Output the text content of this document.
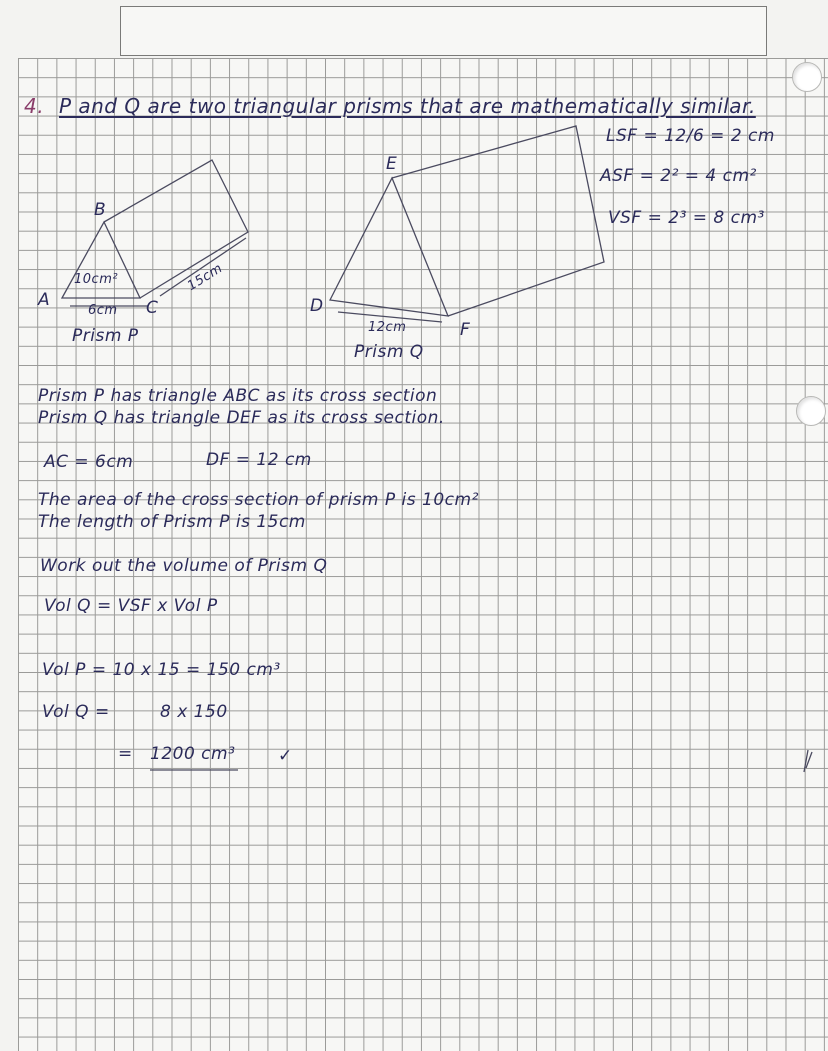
4. P and Q are two triangular prisms that are mathematically similar.
LSF = 12/6 = 2 cm
ASF = 2² = 4 cm²
VSF = 2³ = 8 cm³
A
B
C
10cm²
6cm
15cm
Prism P
D
E
F
12cm
Prism Q
Prism P has triangle ABC as its cross section
Prism Q has triangle DEF as its cross section.
AC = 6cm	DF = 12 cm
The area of the cross section of prism P is 10cm²
The length of Prism P is 15cm
Work out the volume of Prism Q
Vol Q = VSF x Vol P
Vol P = 10 x 15 = 150 cm³
Vol Q =	8 x 150
= 1200 cm³	✓
